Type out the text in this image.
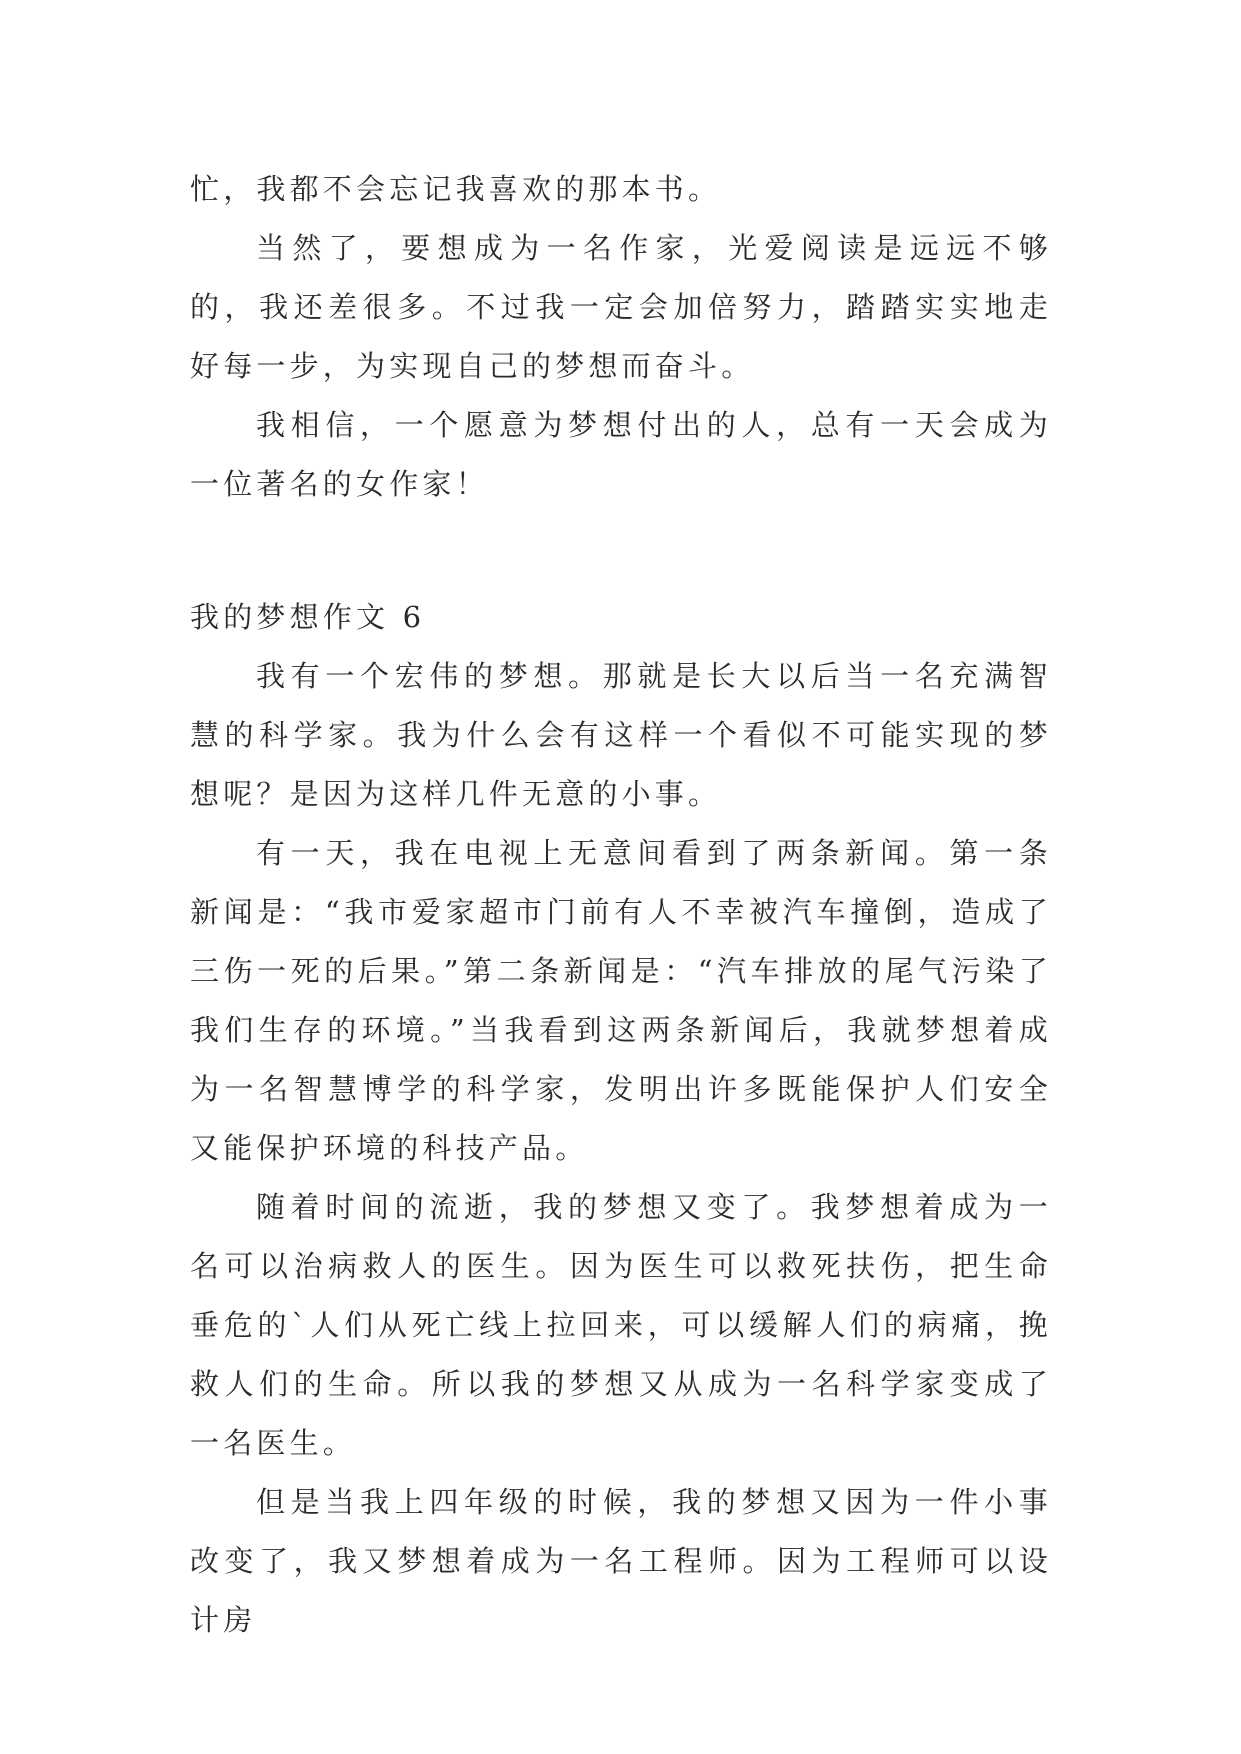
忙，我都不会忘记我喜欢的那本书。

当然了，要想成为一名作家，光爱阅读是远远不够的，我还差很多。不过我一定会加倍努力，踏踏实实地走好每一步，为实现自己的梦想而奋斗。

我相信，一个愿意为梦想付出的人，总有一天会成为一位著名的女作家！

我的梦想作文 6

我有一个宏伟的梦想。那就是长大以后当一名充满智慧的科学家。我为什么会有这样一个看似不可能实现的梦想呢？是因为这样几件无意的小事。

有一天，我在电视上无意间看到了两条新闻。第一条新闻是：“我市爱家超市门前有人不幸被汽车撞倒，造成了三伤一死的后果。”第二条新闻是：“汽车排放的尾气污染了我们生存的环境。”当我看到这两条新闻后，我就梦想着成为一名智慧博学的科学家，发明出许多既能保护人们安全又能保护环境的科技产品。

随着时间的流逝，我的梦想又变了。我梦想着成为一名可以治病救人的医生。因为医生可以救死扶伤，把生命垂危的`人们从死亡线上拉回来，可以缓解人们的病痛，挽救人们的生命。所以我的梦想又从成为一名科学家变成了一名医生。

但是当我上四年级的时候，我的梦想又因为一件小事改变了，我又梦想着成为一名工程师。因为工程师可以设计房
